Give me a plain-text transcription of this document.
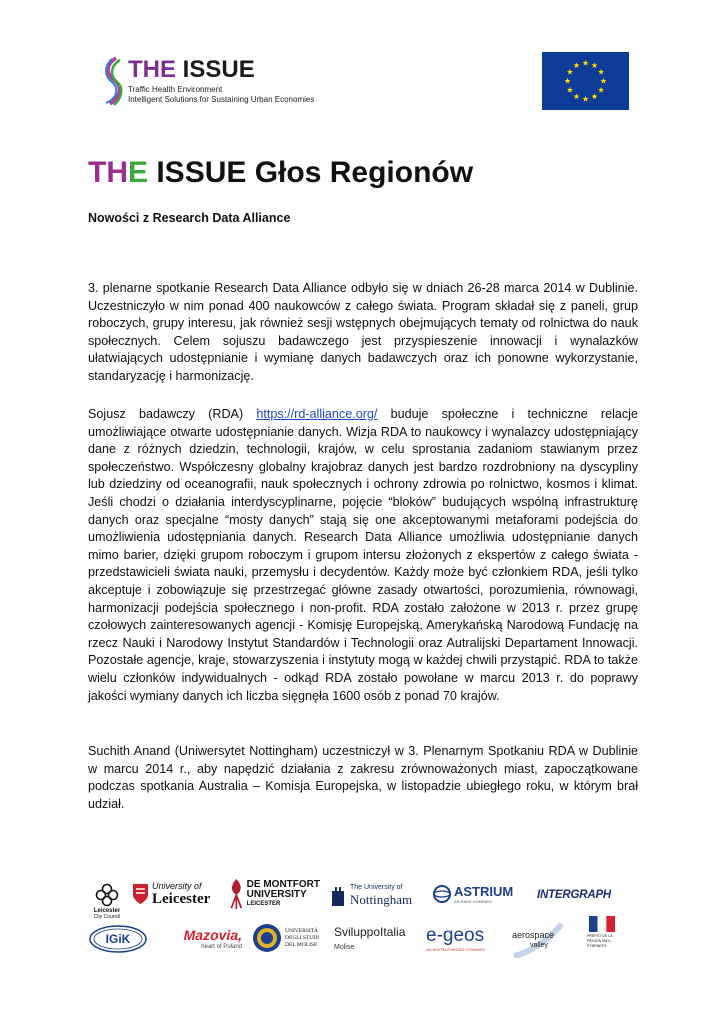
THE ISSUE
Traffic Health Environment
Intelligent Solutions for Sustaining Urban Economies
THE ISSUE Głos Regionów

Nowości z Research Data Alliance

3. plenarne spotkanie Research Data Alliance odbyło się w dniach 26-28 marca 2014 w Dublinie. Uczestniczyło w nim ponad 400 naukowców z całego świata. Program składał się z paneli, grup roboczych, grupy interesu, jak również sesji wstępnych obejmujących tematy od rolnictwa do nauk społecznych. Celem sojuszu badawczego jest przyspieszenie innowacji i wynalazków ułatwiających udostępnianie i wymianę danych badawczych oraz ich ponowne wykorzystanie, standaryzację i harmonizację.

Sojusz badawczy (RDA) https://rd-alliance.org/ buduje społeczne i techniczne relacje umożliwiające otwarte udostępnianie danych. Wizja RDA to naukowcy i wynalazcy udostępniający dane z różnych dziedzin, technologii, krajów, w celu sprostania zadaniom stawianym przez społeczeństwo. Współczesny globalny krajobraz danych jest bardzo rozdrobniony na dyscypliny lub dziedziny od oceanografii, nauk społecznych i ochrony zdrowia po rolnictwo, kosmos i klimat. Jeśli chodzi o działania interdyscyplinarne, pojęcie “bloków” budujących wspólną infrastrukturę danych oraz specjalne “mosty danych” stają się one akceptowanymi metaforami podejścia do umożliwienia udostępniania danych. Research Data Alliance umożliwia udostępnianie danych mimo barier, dzięki grupom roboczym i grupom intersu złożonych z ekspertów z całego świata - przedstawicieli świata nauki, przemysłu i decydentów. Każdy może być członkiem RDA, jeśli tylko akceptuje i zobowiązuje się przestrzegać główne zasady otwartości, porozumienia, równowagi, harmonizacji podejścia społecznego i non-profit. RDA zostało założone w 2013 r. przez grupę czołowych zainteresowanych agencji - Komisję Europejską, Amerykańską Narodową Fundację na rzecz Nauki i Narodowy Instytut Standardów i Technologii oraz Autralijski Departament Innowacji. Pozostałe agencje, kraje, stowarzyszenia i instytuty mogą w każdej chwili przystąpić. RDA to także wielu członków indywidualnych - odkąd RDA zostało powołane w marcu 2013 r. do poprawy jakości wymiany danych ich liczba sięgnęła 1600 osób z ponad 70 krajów.

Suchith Anand (Uniwersytet Nottingham) uczestniczył w 3. Plenarnym Spotkaniu RDA w Dublinie w marcu 2014 r., aby napędzić działania z zakresu zrównoważonych miast, zapoczątkowane podczas spotkania Australia – Komisja Europejska, w listopadzie ubiegłego roku, w którym brał udział.

Leicester
City Council
University of
Leicester
DE MONTFORT
UNIVERSITY
LEICESTER
The University of
Nottingham
ASTRIUM
AN EADS COMPANY	INTERGRAPH
IGiK	Mazovia,
heart of Poland
UNIVERSITÀ
DEGLI STUDI
DEL MOLISE
SviluppoItalia
Molise
e-geos
AN ASI/TELESPAZIO COMPANY
aerospace
valley
PRÉFET DE LA RÉGION MIDI-PYRÉNÉES
